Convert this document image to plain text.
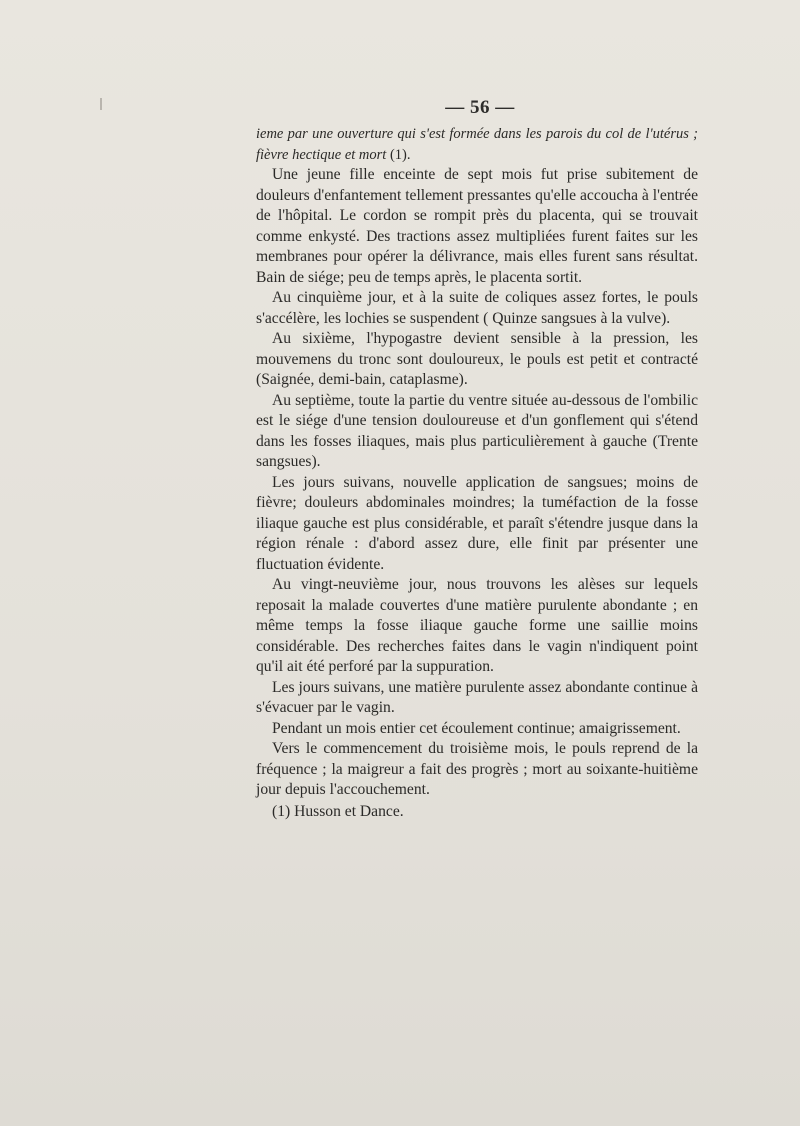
— 56 —

ieme par une ouverture qui s'est formée dans les parois du col de l'utérus ; fièvre hectique et mort (1).

Une jeune fille enceinte de sept mois fut prise subitement de douleurs d'enfantement tellement pressantes qu'elle accoucha à l'entrée de l'hôpital. Le cordon se rompit près du placenta, qui se trouvait comme enkysté. Des tractions assez multipliées furent faites sur les membranes pour opérer la délivrance, mais elles furent sans résultat. Bain de siége; peu de temps après, le placenta sortit.

Au cinquième jour, et à la suite de coliques assez fortes, le pouls s'accélère, les lochies se suspendent ( Quinze sangsues à la vulve).

Au sixième, l'hypogastre devient sensible à la pression, les mouvemens du tronc sont douloureux, le pouls est petit et contracté (Saignée, demi-bain, cataplasme).

Au septième, toute la partie du ventre située au-dessous de l'ombilic est le siége d'une tension douloureuse et d'un gonflement qui s'étend dans les fosses iliaques, mais plus particulièrement à gauche (Trente sangsues).

Les jours suivans, nouvelle application de sangsues; moins de fièvre; douleurs abdominales moindres; la tuméfaction de la fosse iliaque gauche est plus considérable, et paraît s'étendre jusque dans la région rénale : d'abord assez dure, elle finit par présenter une fluctuation évidente.

Au vingt-neuvième jour, nous trouvons les alèses sur lequels reposait la malade couvertes d'une matière purulente abondante ; en même temps la fosse iliaque gauche forme une saillie moins considérable. Des recherches faites dans le vagin n'indiquent point qu'il ait été perforé par la suppuration.

Les jours suivans, une matière purulente assez abondante continue à s'évacuer par le vagin.

Pendant un mois entier cet écoulement continue; amaigrissement.

Vers le commencement du troisième mois, le pouls reprend de la fréquence ; la maigreur a fait des progrès ; mort au soixante-huitième jour depuis l'accouchement.

(1) Husson et Dance.
